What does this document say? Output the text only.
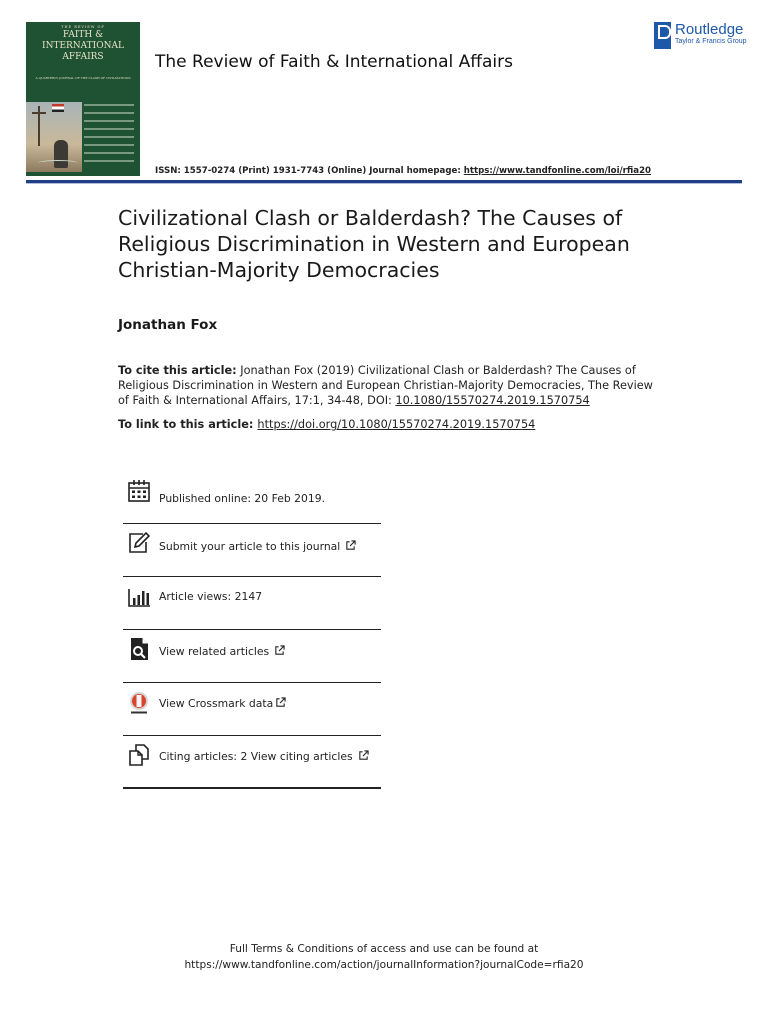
THE REVIEW OF
FAITH &
INTERNATIONAL
AFFAIRS
A QUARTERLY JOURNAL OF THE CLASH OF CIVILIZATIONS
The Review of Faith & International Affairs
Routledge
Taylor & Francis Group
ISSN: 1557-0274 (Print) 1931-7743 (Online) Journal homepage: https://www.tandfonline.com/loi/rfia20
Civilizational Clash or Balderdash? The Causes of Religious Discrimination in Western and European Christian-Majority Democracies
Jonathan Fox
To cite this article: Jonathan Fox (2019) Civilizational Clash or Balderdash? The Causes of Religious Discrimination in Western and European Christian-Majority Democracies, The Review of Faith & International Affairs, 17:1, 34-48, DOI: 10.1080/15570274.2019.1570754
To link to this article: https://doi.org/10.1080/15570274.2019.1570754
Published online: 20 Feb 2019.
Submit your article to this journal
Article views: 2147
View related articles
View Crossmark data
Citing articles: 2 View citing articles
Full Terms & Conditions of access and use can be found at
https://www.tandfonline.com/action/journalInformation?journalCode=rfia20
